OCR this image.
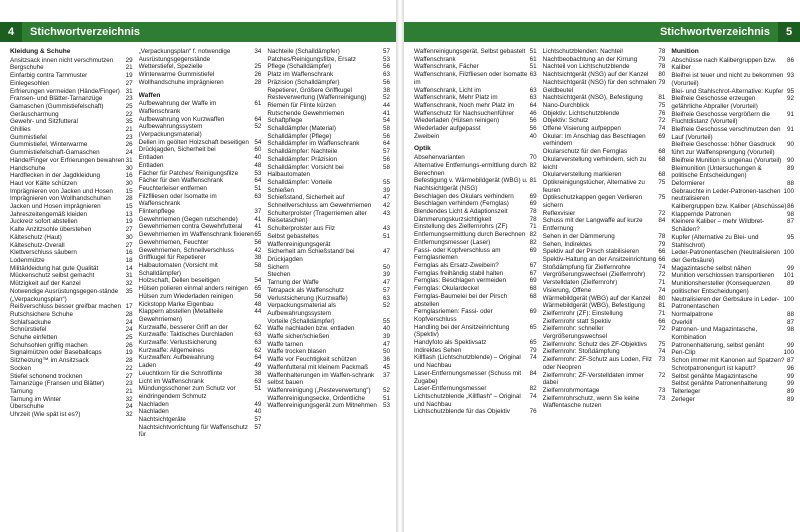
4	Stichwortverzeichnis
Kleidung & Schuhe
29
Ansitzsack innen nicht verschmutzen
21
Bergschuhe
19
Einfarbig contra Tarnmuster
27
Einlegesohlen
31
Erfrierungen vermeiden (Hände/Finger)
23
Fransen- und Blätter-Tarnanzüge
25
Gamaschen (Gummistiefelschaft)
22
Geräuscharmung
35
Gewehr- und Sitzfutteral
21
Ghillies
23
Gummistiefel
26
Gummistiefel, Winterwarme
24
Gummistiefelschaft-Gamaschen
31
Hände/Finger vor Erfrierungen bewahren
30
Handschuhe
16
Hardflecken in der Jagdkleidung
30
Haut vor Kälte schützen
15
Imprägnieren von Jacken und Hosen
28
Imprägnieren von Wollhandschuhen
15
Jacken und Hosen imprägnieren
13
Jahreszeitengemäß kleiden
19
Juckreiz sofort abstellen
27
Kalte Anzitzsohle überstehen
30
Kälteschutz (Haut)
27
Kälteschutz-Overall
16
Klettverschluss säubern
18
Lodenmütze
14
Militärkleidung hat gute Qualität
31
Mückenschutz selbst gemacht
32
Mützigkeit auf der Kanzel
35
Notwendige Ausrüstungsgegen-stände („Verpackungsplan“)
17
Reißverschluss besser greifbar machen
28
Rutschsichere Schuhe
24
Schlafsackuhe
24
Schnürstiefel
25
Schuhe einfetten
26
Schuhsohlen griffig machen
19
Signalmützen oder Baseballcaps
28
Sitzheizung™ im Ansitzsack
22
Socken
27
Stiefel schonend trocknen
23
Tarnanzüge (Fransen und Blätter)
21
Tarnung
32
Tarnung im Winter
24
Überschuhe
32
Uhrzeit (Wie spät ist es?)
34
„Verpackungsplan“ f. notwendige Ausrüstungsgegenstände
25
Wetterstiefel, Spezielle
26
Winterwarme Gummistiefel
28
Wollhandschuhe imprägnieren
Waffen
61
Aufbewahrung der Waffe im Waffenschrank
64
Aufbewahrung von Kurzwaffen
52
Aufbewahrungssystem (Verpackungsmaterial)
54
Dellen im geölten Holzschaft beseitigen
60
Drückjagden, Sicherheit bei
40
Entladen
48
Entladen
53
Fächer für Patches/ Reinigungsfilze
64
Fächer für den Waffenschrank
51
Feuchterleiser entfernen
63
Filzflliesen oder Isomatte im Waffenschrank
37
Flintenpflege
41
Gewehrriemen (Gegen rutschende)
41
Gewehrriemen contra Gewehrfutteral
65
Gewehrriemen im Waffenschrank fixieren
56
Gewehrriemen, Feuchter
42
Gewehrriemen, Schnellverschluss
38
Griffkugel für Repetierer
58
Halbautomaten (Vorsicht mit Schalldämpfer)
54
Holzschaft, Dellen beseitigen
65
Hülsen polieren einmal anders reinigen
56
Hülsen zum Wiederladen reinigen
48
Kickstopp Marke Eigenbau
44
Klappern abstellen (Metallteile Gewehrriemen)
62
Kurzwaffe, besserer Griff an der
63
Kurzwaffe: Taktisches Durchladen
63
Kurzwaffe: Verlustsicherung
62
Kurzwaffe: Allgemeines
64
Kurzwaffen: Aufbewahrung
49
Laden
38
Leuchtkorn für die Schrotflinte
63
Licht im Waffenschrank
51
Mündungsschoner zum Schutz vor eindringendem Schmutz
49
Nachladen
40
Nachladen
57
Nachtsichtgeräte
57
Nachtsichtvorrichtung für Waffenschutz für
57
Nachteile (Schalldämpfer)
53
Patches/Reinigungsfilze, Ersatz
56
Pflege (Schalldämpfer)
63
Platz im Waffenschrank
56
Präzision (Schalldämpfer)
38
Repetierer, Größere Griffkugel
52
Resteverwertung (Waffenreinigung)
44
Riemen für Flinte kürzen
41
Rutschende Gewehrriemen
54
Schaftpflege
58
Schalldämpfer (Material)
56
Schalldämpfer (Pflege)
64
Schalldämpfer im Waffenschrank
57
Schalldämpfer: Nachteile
56
Schalldämpfer: Präzision
58
Schalldämpfer: Vorsicht bei Halbautomaten
55
Schalldämpfer: Vorteile
39
Schießen
47
Schießstand, Sicherheit auf
42
Schnellverschluss am Gewehrriemen
43
Schulterprolster (Tragerriemen alter Reisetaschen)
43
Schulterprolster aus Filz
51
Selbst gebasteltes Waffenreinigungsgerät
47
Sicherheit am Schießstand/ bei Drückjagden
50
Sichern
39
Stechen
47
Tarnung der Waffe
57
Tetrapack als Waffenschutz
63
Verlustsicherung (Kurzwaffe)
52
Verpackungsmaterial als Aufbewahrungssystem
55
Vorteile (Schalldämpfer)
40
Waffe nachladen bzw. entladen
39
Waffe sicher/schießen
47
Waffe tarnen
50
Waffe trocken blasen
36
Waffe vor Feuchtigkeit schützen
45
Waffenfutteral mit kleinem Packmaß
37
Waffenhalterungen im Waffen-schrank selbst bauen
52
Waffenreinigung („Resteverwertung“)
51
Waffenreinigungsecke, Ordentliche
53
Waffenreinigungsgerät zum Mitnehmen
Stichwortverzeichnis	5
51
Waffenreinigungsgerät, Selbst gebastelt
61
Waffenschrank
51
Waffenschrank, Fächer
63
Waffenschrank, Filzfliesen oder Isomatte im
63
Waffenschrank, Licht im
63
Waffenschrank, Mehr Platz im
64
Waffenschrank, Noch mehr Platz im
46
Waffenschutz für Nachsuchenführer
56
Wiederladen (Hülsen reinigen)
56
Wiederlader aufgepasst
40
Zweibein
Optik
70
Absehenvarianten
82
Alternative Entfernungs-ermittlung durch Berechnen
81
Befestigung v. Wärmebildgerät (WBG) u. Nachtsichtgerät (NSG)
69
Beschlagen des Okulars verhindern
69
Beschlagen verhindern (Fernglas)
78
Blendendes Licht & Adaptionszeit
78
Dämmerungskurzsichtigkeit
71
Einstellung des Zielfernrohrs (ZF)
82
Entfernungsermittlung durch Berechnen
82
Entfernungsmesser (Laser)
69
Fassi- oder Kopfverschluss am Fernglasriemen
67
Fernglas als Ersatz-Zweibein?
67
Fernglas freihändig stabil halten
69
Fernglas: Beschlagen vermeiden
68
Fernglas: Okulardeckel
68
Fernglas-Baumelei bei der Pirsch abstellen
69
Fernglasriemen: Fassi- oder Kopfverschluss
65
Handling bei der Ansitzeinrichtung (Spektiv)
65
Handyfoto als Spektivsatz
79
Indirektes Sehen
74
Killflash (Lichtschutzblende) – Original und Nachbau
84
Laser-Entfernungsmesser (Schuss mit Zugabe)
82
Laser-Entfernungsmesser
74
Lichtschutzblende „Killflash“ – Original und Nachbau
76
Lichtschutzblende für das Objektiv
78
Lichtschutzblenden: Nachteil
79
Nachtbeobachtung an der Kirrung
78
Nachteil von Lichtschutzblende
80
Nachtsichtgerät (NSG) auf der Kanzel
79
Nachtsichtgerät (NSG) für den schmalen Geldbeutel
81
Nachtsichtgerät (NSG), Befestigung
75
Nano-Durchblick
76
Objektiv: Lichtschutzblende
72
Objektiv: Schutz
74
Offene Visierung aufpeppen
69
Okular: Im Anschlag das Beschlagen verhindern
68
Okularschutz für den Fernglas
68
Okularverstellung verhindern, sich zu leicht
68
Okularverstellung markieren
75
Optikreinigungstücher, Alternative zu feuren
75
Optikschutzkappen gegen Verlieren sichern
72
Reflexvisier
84
Schuss mit der Langwaffe auf kurze Entfernung
78
Sehen in der Dämmerung
79
Sehen, Indirektes
66
Spektiv auf der Pirsch stabilisieren
66
Spektiv-Haltung an der Ansitzeinrichtung
74
Stoßdämpfung für Zielfernrohre
72
Vergrößerungswechsel (Zielfernrohr)
71
Verstelldaten (Zielfernrohr)
74
Visierung, Offene
80
Wärmebildgerät (WBG) auf der Kanzel
81
Wärmebildgerät (WBG), Befestigung
71
Zielfernrohr (ZF): Einstellung
66
Zielfernrohr statt Spektiv
72
Zielfernrohr: schneller Vergrößerungswechsel
75
Zielfernrohr: Schutz des ZF-Objektivs
74
Zielfernrohr: Stoßdämpfung
73
Zielfernrohr: ZF-Schutz aus Loden, Filz oder Neopren
72
Zielfernrohr: ZF-Verstelldaten immer dabei
73
Zielfernrohrmontage
73
Zielfernrohrschutz, wenn Sie keine Waffentasche nutzen
Munition
86
Abschüsse nach Kalibergruppen bzw. Kaliber
93
Bleifrei ist teuer und nicht zu bekommen (Vorurteil)
95
Blei- und Stahlschrot-Alternative: Kupfer
92
Bleifreie Geschosse erzeugen gefährliche Abpraller (Vorurteil)
91
Bleifreie Geschosse vergrößern die Fluchtdistanz (Vorurteil)
91
Bleifreie Geschosse verschmutzen den Lauf (Vorurteil)
90
Bleifreie Geschosse: höher Gasdruck führt zur Waffensprengung (Vorurteil)
90
Bleifreie Munition is ungenau (Vorurteil)
89
Bleimunition (Untersuchungen & politische Entscheidungen)
88
Deformierer
100
Gebrauchte in Leder-Patronen-taschen neutralisieren
86
Kalibergruppen bzw. Kaliber (Abschüsse)
98
Klappernde Patronen
87
Kleinere Kaliber – mehr Wildbret-Schäden?
95
Kupfer (Alternative zu Blei- und Stahlschrot)
100
Leder-Patronentaschen (Neutralisieren der Gerbsäure)
99
Magazintasche selbst nähen
101
Munition verschlossen transportieren
89
Munitionshersteller (Konsequenzen politischer Entscheidungen)
100
Neutralisieren der Gerbsäure in Leder-Patronentaschen
88
Normalpatrone
87
Overkill
98
Patronen- und Magazintasche, Kombination
99
Patronenhalterung, selbst genäht
100
Pen-Clip
87
Schon immer mit Kanonen auf Spatzen?
96
Schrotpatronengurt ist kaputt?
99
Selbst genähte Magazintasche
99
Selbst genähte Patronenhalterung
89
Tellerleger
89
Zerleger
